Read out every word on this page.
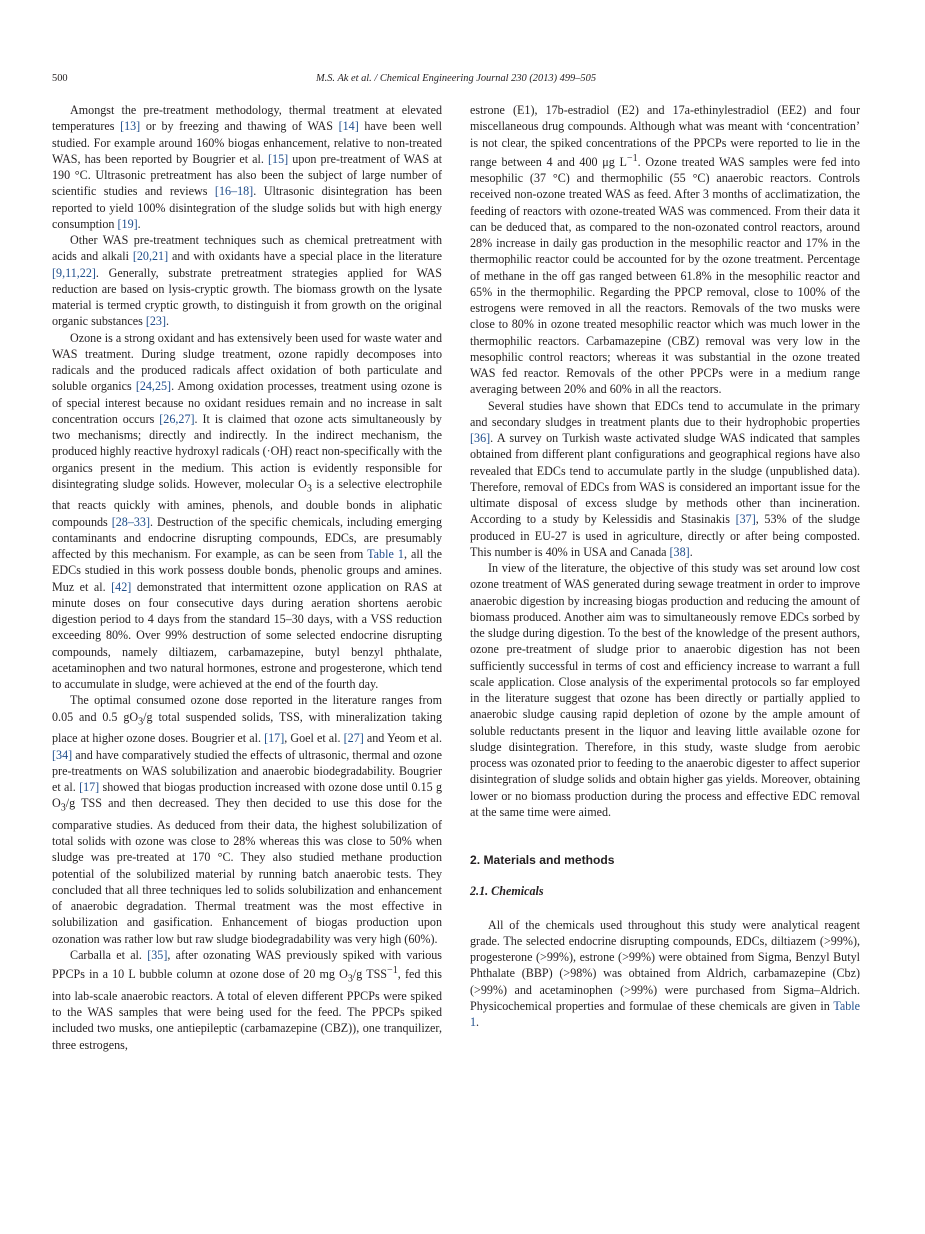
500	M.S. Ak et al. / Chemical Engineering Journal 230 (2013) 499–505

Amongst the pre-treatment methodology, thermal treatment at elevated temperatures [13] or by freezing and thawing of WAS [14] have been well studied. For example around 160% biogas enhancement, relative to non-treated WAS, has been reported by Bougrier et al. [15] upon pre-treatment of WAS at 190 °C. Ultrasonic pretreatment has also been the subject of large number of scientific studies and reviews [16–18]. Ultrasonic disintegration has been reported to yield 100% disintegration of the sludge solids but with high energy consumption [19].

Other WAS pre-treatment techniques such as chemical pretreatment with acids and alkali [20,21] and with oxidants have a special place in the literature [9,11,22]. Generally, substrate pretreatment strategies applied for WAS reduction are based on lysis-cryptic growth. The biomass growth on the lysate material is termed cryptic growth, to distinguish it from growth on the original organic substances [23].

Ozone is a strong oxidant and has extensively been used for waste water and WAS treatment. During sludge treatment, ozone rapidly decomposes into radicals and the produced radicals affect oxidation of both particulate and soluble organics [24,25]. Among oxidation processes, treatment using ozone is of special interest because no oxidant residues remain and no increase in salt concentration occurs [26,27]. It is claimed that ozone acts simultaneously by two mechanisms; directly and indirectly. In the indirect mechanism, the produced highly reactive hydroxyl radicals (·OH) react non-specifically with the organics present in the medium. This action is evidently responsible for disintegrating sludge solids. However, molecular $O_3$ is a selective electrophile that reacts quickly with amines, phenols, and double bonds in aliphatic compounds [28–33]. Destruction of the specific chemicals, including emerging contaminants and endocrine disrupting compounds, EDCs, are presumably affected by this mechanism. For example, as can be seen from Table 1, all the EDCs studied in this work possess double bonds, phenolic groups and amines. Muz et al. [42] demonstrated that intermittent ozone application on RAS at minute doses on four consecutive days during aeration shortens aerobic digestion period to 4 days from the standard 15–30 days, with a VSS reduction exceeding 80%. Over 99% destruction of some selected endocrine disrupting compounds, namely diltiazem, carbamazepine, butyl benzyl phthalate, acetaminophen and two natural hormones, estrone and progesterone, which tend to accumulate in sludge, were achieved at the end of the fourth day.

The optimal consumed ozone dose reported in the literature ranges from 0.05 and 0.5 $gO_3/g$ total suspended solids, TSS, with mineralization taking place at higher ozone doses. Bougrier et al. [17], Goel et al. [27] and Yeom et al. [34] and have comparatively studied the effects of ultrasonic, thermal and ozone pre-treatments on WAS solubilization and anaerobic biodegradability. Bougrier et al. [17] showed that biogas production increased with ozone dose until 0.15 g $O_3/g$ TSS and then decreased. They then decided to use this dose for the comparative studies. As deduced from their data, the highest solubilization of total solids with ozone was close to 28% whereas this was close to 50% when sludge was pre-treated at 170 °C. They also studied methane production potential of the solubilized material by running batch anaerobic tests. They concluded that all three techniques led to solids solubilization and enhancement of anaerobic degradation. Thermal treatment was the most effective in solubilization and gasification. Enhancement of biogas production upon ozonation was rather low but raw sludge biodegradability was very high (60%).

Carballa et al. [35], after ozonating WAS previously spiked with various PPCPs in a 10 L bubble column at ozone dose of 20 mg $O_3/g$ $TSS^{-1}$, fed this into lab-scale anaerobic reactors. A total of eleven different PPCPs were spiked to the WAS samples that were being used for the feed. The PPCPs spiked included two musks, one antiepileptic (carbamazepine (CBZ)), one tranquilizer, three estrogens,

estrone (E1), 17b-estradiol (E2) and 17a-ethinylestradiol (EE2) and four miscellaneous drug compounds. Although what was meant with ‘concentration’ is not clear, the spiked concentrations of the PPCPs were reported to lie in the range between 4 and 400 μg $L^{-1}$. Ozone treated WAS samples were fed into mesophilic (37 °C) and thermophilic (55 °C) anaerobic reactors. Controls received non-ozone treated WAS as feed. After 3 months of acclimatization, the feeding of reactors with ozone-treated WAS was commenced. From their data it can be deduced that, as compared to the non-ozonated control reactors, around 28% increase in daily gas production in the mesophilic reactor and 17% in the thermophilic reactor could be accounted for by the ozone treatment. Percentage of methane in the off gas ranged between 61.8% in the mesophilic reactor and 65% in the thermophilic. Regarding the PPCP removal, close to 100% of the estrogens were removed in all the reactors. Removals of the two musks were close to 80% in ozone treated mesophilic reactor which was much lower in the thermophilic reactors. Carbamazepine (CBZ) removal was very low in the mesophilic control reactors; whereas it was substantial in the ozone treated WAS fed reactor. Removals of the other PPCPs were in a medium range averaging between 20% and 60% in all the reactors.

Several studies have shown that EDCs tend to accumulate in the primary and secondary sludges in treatment plants due to their hydrophobic properties [36]. A survey on Turkish waste activated sludge WAS indicated that samples obtained from different plant configurations and geographical regions have also revealed that EDCs tend to accumulate partly in the sludge (unpublished data). Therefore, removal of EDCs from WAS is considered an important issue for the ultimate disposal of excess sludge by methods other than incineration. According to a study by Kelessidis and Stasinakis [37], 53% of the sludge produced in EU-27 is used in agriculture, directly or after being composted. This number is 40% in USA and Canada [38].

In view of the literature, the objective of this study was set around low cost ozone treatment of WAS generated during sewage treatment in order to improve anaerobic digestion by increasing biogas production and reducing the amount of biomass produced. Another aim was to simultaneously remove EDCs sorbed by the sludge during digestion. To the best of the knowledge of the present authors, ozone pre-treatment of sludge prior to anaerobic digestion has not been sufficiently successful in terms of cost and efficiency increase to warrant a full scale application. Close analysis of the experimental protocols so far employed in the literature suggest that ozone has been directly or partially applied to anaerobic sludge causing rapid depletion of ozone by the ample amount of soluble reductants present in the liquor and leaving little available ozone for sludge disintegration. Therefore, in this study, waste sludge from aerobic process was ozonated prior to feeding to the anaerobic digester to affect superior disintegration of sludge solids and obtain higher gas yields. Moreover, obtaining lower or no biomass production during the process and effective EDC removal at the same time were aimed.

2. Materials and methods
2.1. Chemicals

All of the chemicals used throughout this study were analytical reagent grade. The selected endocrine disrupting compounds, EDCs, diltiazem (>99%), progesterone (>99%), estrone (>99%) were obtained from Sigma, Benzyl Butyl Phthalate (BBP) (>98%) was obtained from Aldrich, carbamazepine (Cbz) (>99%) and acetaminophen (>99%) were purchased from Sigma–Aldrich. Physicochemical properties and formulae of these chemicals are given in Table 1.
